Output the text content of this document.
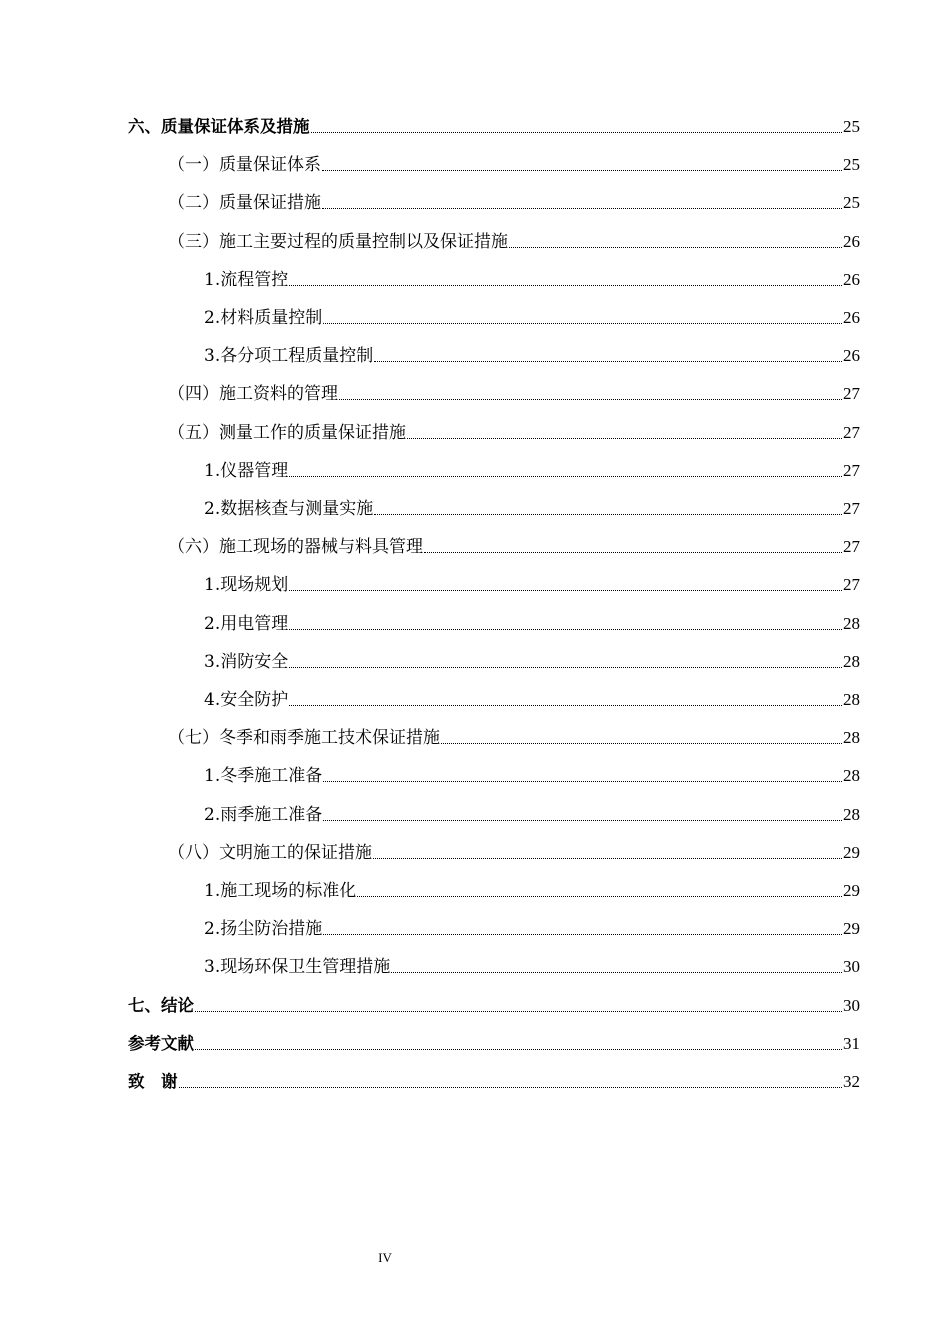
六、质量保证体系及措施	25
（一）质量保证体系	25
（二）质量保证措施	25
（三）施工主要过程的质量控制以及保证措施	26
1.流程管控	26
2.材料质量控制	26
3.各分项工程质量控制	26
（四）施工资料的管理	27
（五）测量工作的质量保证措施	27
1.仪器管理	27
2.数据核查与测量实施	27
（六）施工现场的器械与料具管理	27
1.现场规划	27
2.用电管理	28
3.消防安全	28
4.安全防护	28
（七）冬季和雨季施工技术保证措施	28
1.冬季施工准备	28
2.雨季施工准备	28
（八）文明施工的保证措施	29
1.施工现场的标准化	29
2.扬尘防治措施	29
3.现场环保卫生管理措施	30
七、结论	30
参考文献	31
致　谢	32
IV
